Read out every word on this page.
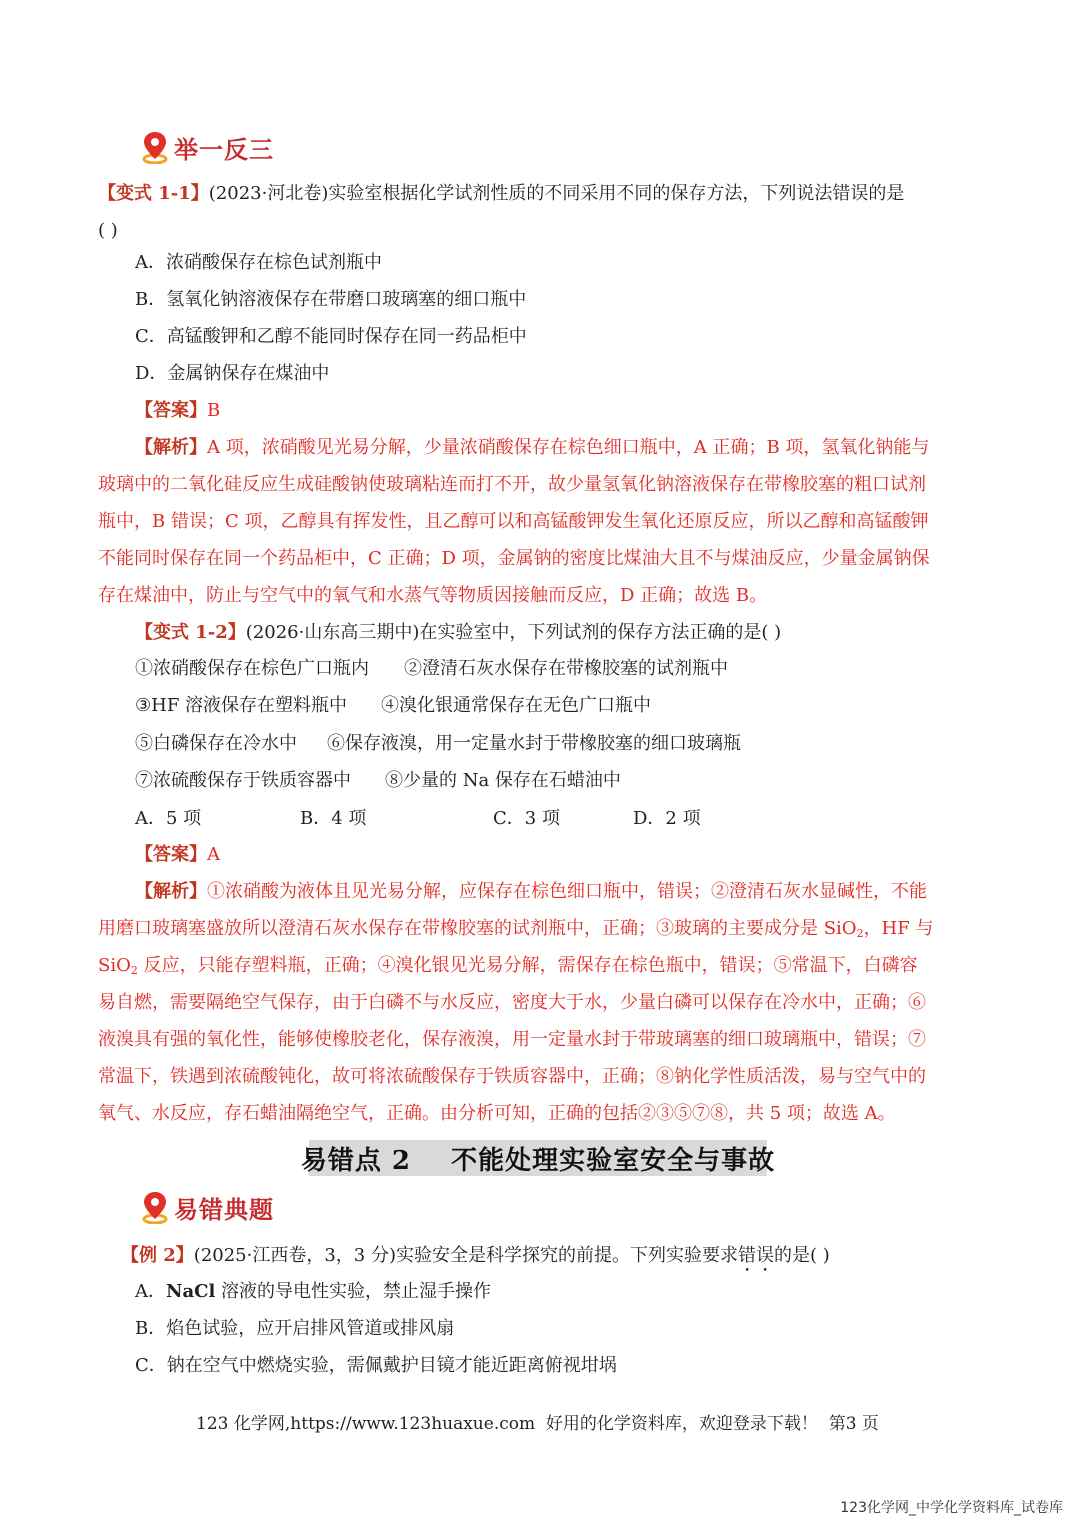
举一反三
【变式 1-1】(2023·河北卷)实验室根据化学试剂性质的不同采用不同的保存方法，下列说法错误的是
( )
A．浓硝酸保存在棕色试剂瓶中
B．氢氧化钠溶液保存在带磨口玻璃塞的细口瓶中
C．高锰酸钾和乙醇不能同时保存在同一药品柜中
D．金属钠保存在煤油中
【答案】B
【解析】A 项，浓硝酸见光易分解，少量浓硝酸保存在棕色细口瓶中，A 正确；B 项，氢氧化钠能与
玻璃中的二氧化硅反应生成硅酸钠使玻璃粘连而打不开，故少量氢氧化钠溶液保存在带橡胶塞的粗口试剂
瓶中，B 错误；C 项，乙醇具有挥发性，且乙醇可以和高锰酸钾发生氧化还原反应，所以乙醇和高锰酸钾
不能同时保存在同一个药品柜中，C 正确；D 项，金属钠的密度比煤油大且不与煤油反应，少量金属钠保
存在煤油中，防止与空气中的氧气和水蒸气等物质因接触而反应，D 正确；故选 B。
【变式 1-2】(2026·山东高三期中)在实验室中，下列试剂的保存方法正确的是( )
①浓硝酸保存在棕色广口瓶内 ②澄清石灰水保存在带橡胶塞的试剂瓶中
③HF 溶液保存在塑料瓶中 ④溴化银通常保存在无色广口瓶中
⑤白磷保存在冷水中 ⑥保存液溴，用一定量水封于带橡胶塞的细口玻璃瓶
⑦浓硫酸保存于铁质容器中 ⑧少量的 Na 保存在石蜡油中
A．5 项	B．4 项	C．3 项	D．2 项
【答案】A
【解析】①浓硝酸为液体且见光易分解，应保存在棕色细口瓶中，错误；②澄清石灰水显碱性，不能
用磨口玻璃塞盛放所以澄清石灰水保存在带橡胶塞的试剂瓶中，正确；③玻璃的主要成分是 SiO$_2$，HF 与
SiO$_2$ 反应，只能存塑料瓶，正确；④溴化银见光易分解，需保存在棕色瓶中，错误；⑤常温下，白磷容
易自燃，需要隔绝空气保存，由于白磷不与水反应，密度大于水，少量白磷可以保存在冷水中，正确；⑥
液溴具有强的氧化性，能够使橡胶老化，保存液溴，用一定量水封于带玻璃塞的细口玻璃瓶中，错误；⑦
常温下，铁遇到浓硫酸钝化，故可将浓硫酸保存于铁质容器中，正确；⑧钠化学性质活泼，易与空气中的
氧气、水反应，存石蜡油隔绝空气，正确。由分析可知，正确的包括②③⑤⑦⑧，共 5 项；故选 A。
易错点 2    不能处理实验室安全与事故
易错典题
【例 2】(2025·江西卷，3，3 分)实验安全是科学探究的前提。下列实验要求错误的是( )
A．NaCl 溶液的导电性实验，禁止湿手操作
B．焰色试验，应开启排风管道或排风扇
C．钠在空气中燃烧实验，需佩戴护目镜才能近距离俯视坩埚
123 化学网,https://www.123huaxue.com  好用的化学资料库，欢迎登录下载！  第3 页
123化学网_中学化学资料库_试卷库
